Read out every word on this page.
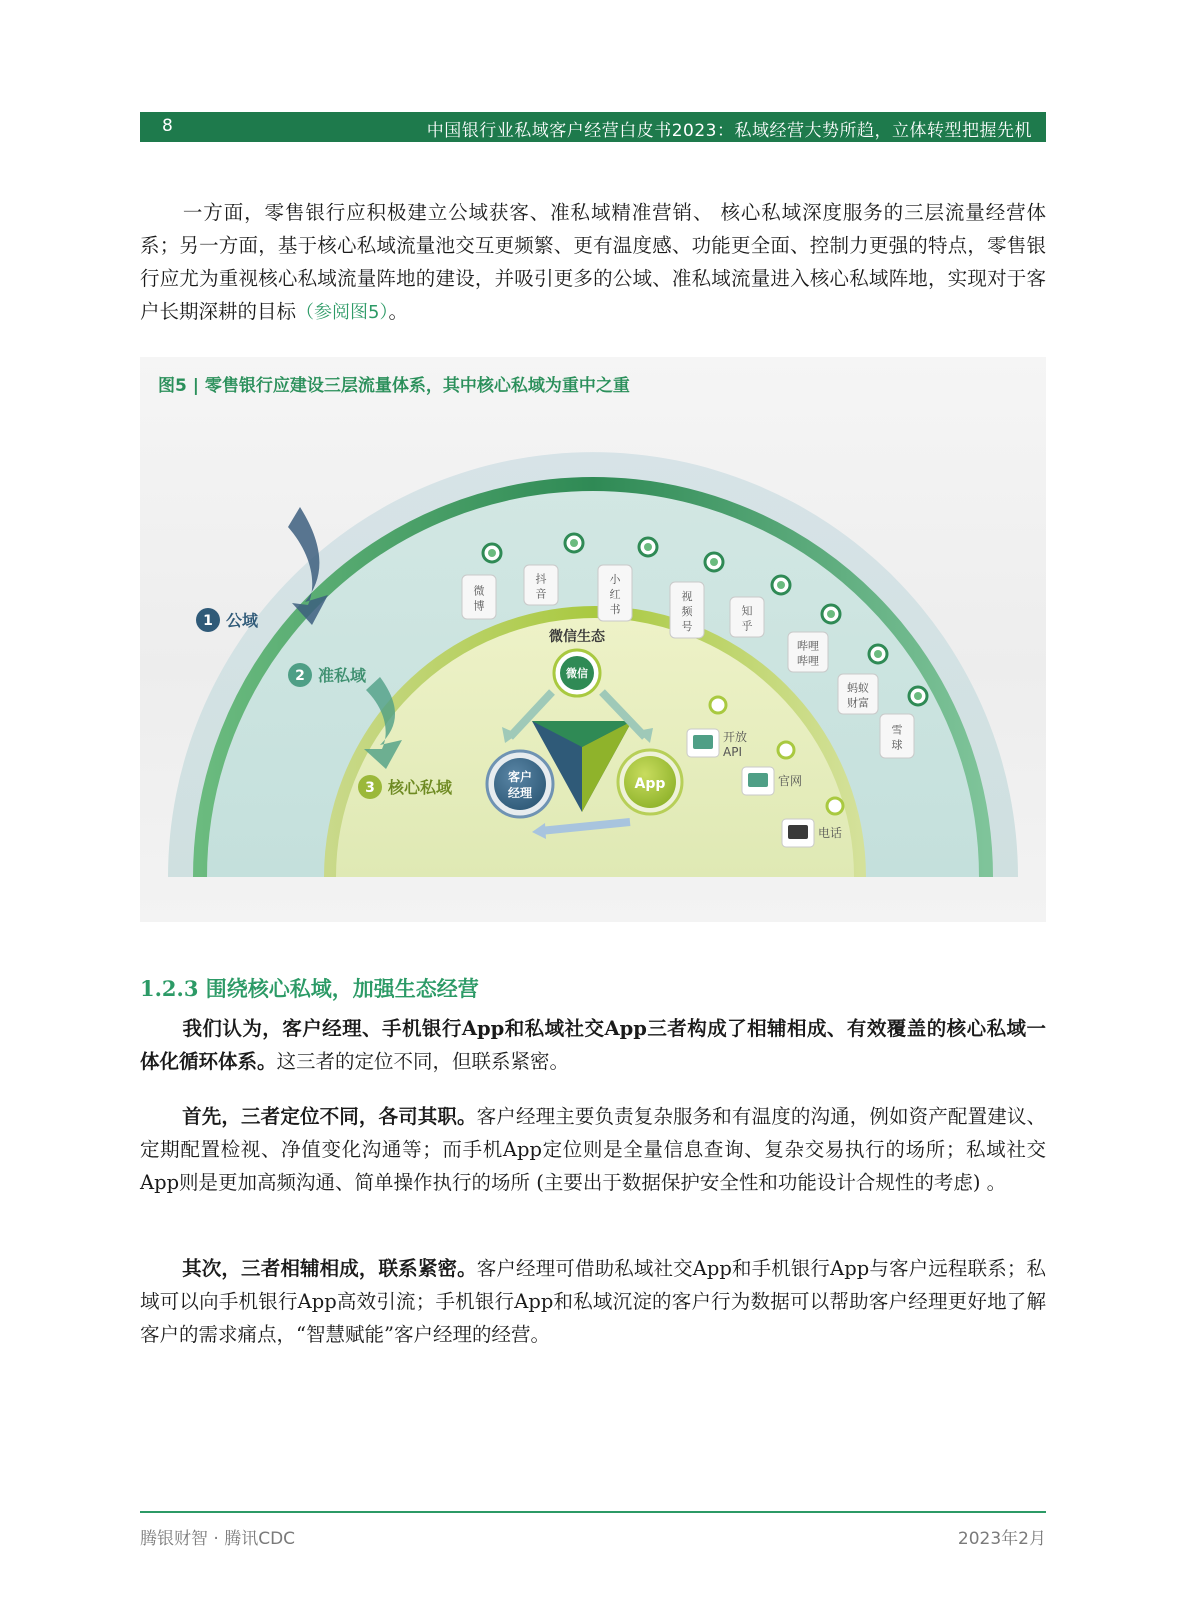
8	中国银行业私域客户经营白皮书2023：私域经营大势所趋，立体转型把握先机

一方面，零售银行应积极建立公域获客、准私域精准营销、 核心私域深度服务的三层流量经营体系；另一方面，基于核心私域流量池交互更频繁、更有温度感、功能更全面、控制力更强的特点，零售银行应尤为重视核心私域流量阵地的建设，并吸引更多的公域、准私域流量进入核心私域阵地，实现对于客户长期深耕的目标（参阅图5）。

图5 | 零售银行应建设三层流量体系，其中核心私域为重中之重
1 公域
2 准私域
3 核心私域
微
博
抖
音
小
红
书
视
频
号
知
乎
哔哩
哔哩
蚂蚁
财富
雪
球
微信生态
微信
客户
经理
App
开放
API
官网
电话
1.2.3 围绕核心私域，加强生态经营

我们认为，客户经理、手机银行App和私域社交App三者构成了相辅相成、有效覆盖的核心私域一体化循环体系。这三者的定位不同，但联系紧密。

首先，三者定位不同，各司其职。客户经理主要负责复杂服务和有温度的沟通，例如资产配置建议、定期配置检视、净值变化沟通等；而手机App定位则是全量信息查询、复杂交易执行的场所；私域社交App则是更加高频沟通、简单操作执行的场所 (主要出于数据保护安全性和功能设计合规性的考虑) 。

其次，三者相辅相成，联系紧密。客户经理可借助私域社交App和手机银行App与客户远程联系；私域可以向手机银行App高效引流；手机银行App和私域沉淀的客户行为数据可以帮助客户经理更好地了解客户的需求痛点，“智慧赋能”客户经理的经营。

腾银财智 · 腾讯CDC	2023年2月
